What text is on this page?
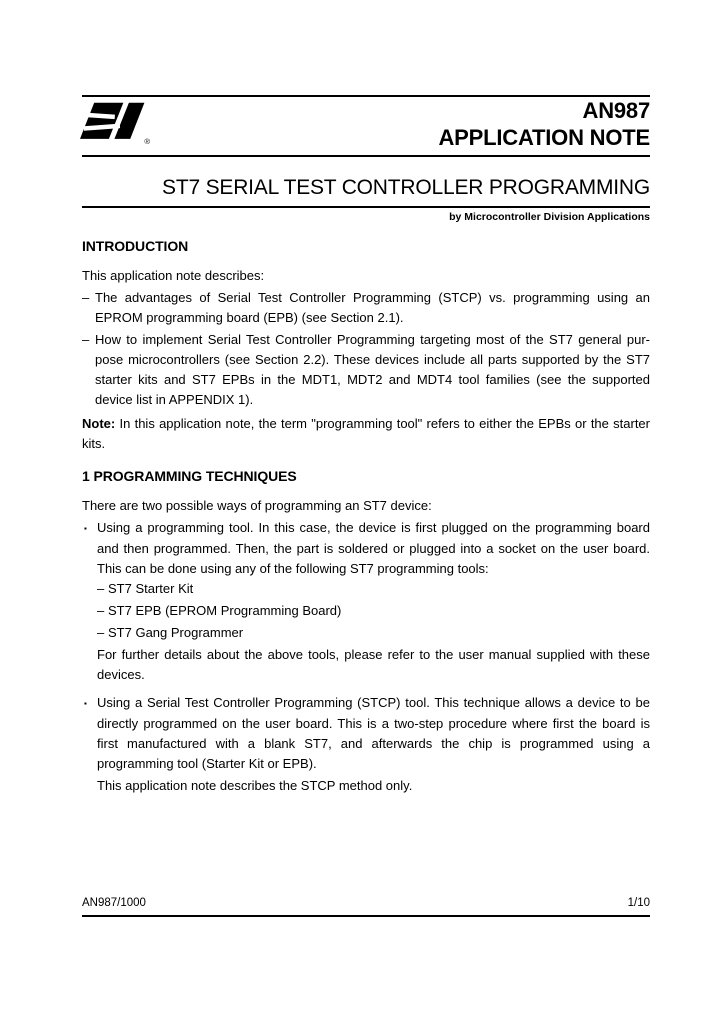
®
AN987
APPLICATION NOTE
ST7 SERIAL TEST CONTROLLER PROGRAMMING
by Microcontroller Division Applications
INTRODUCTION

This application note describes:

– The advantages of Serial Test Controller Programming (STCP) vs. programming using an EPROM programming board (EPB) (see Section 2.1).

– How to implement Serial Test Controller Programming targeting most of the ST7 general purpose microcontrollers (see Section 2.2). These devices include all parts supported by the ST7 starter kits and ST7 EPBs in the MDT1, MDT2 and MDT4 tool families (see the supported device list in APPENDIX 1).

Note: In this application note, the term "programming tool" refers to either the EPBs or the starter kits.

1 PROGRAMMING TECHNIQUES

There are two possible ways of programming an ST7 device:

▪ Using a programming tool. In this case, the device is first plugged on the programming board and then programmed. Then, the part is soldered or plugged into a socket on the user board. This can be done using any of the following ST7 programming tools:

– ST7 Starter Kit

– ST7 EPB (EPROM Programming Board)

– ST7 Gang Programmer

For further details about the above tools, please refer to the user manual supplied with these devices.

▪ Using a Serial Test Controller Programming (STCP) tool. This technique allows a device to be directly programmed on the user board. This is a two-step procedure where first the board is first manufactured with a blank ST7, and afterwards the chip is programmed using a programming tool (Starter Kit or EPB).

This application note describes the STCP method only.

AN987/1000	1/10
